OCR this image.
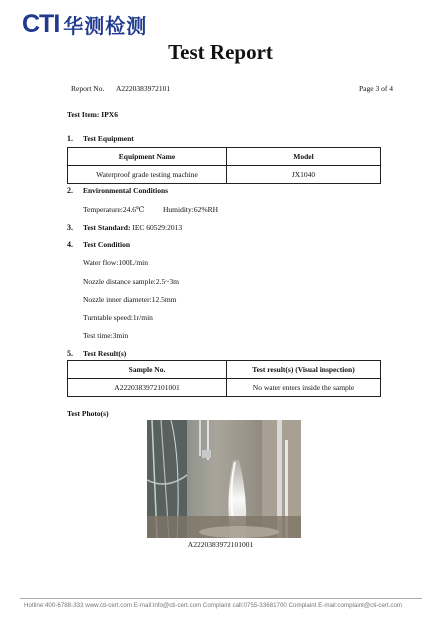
CTI 华测检测
Test Report
Report No. A2220383972101	Page 3 of 4
Test Item: IPX6
1. Test Equipment
Equipment Name	Model
Waterproof grade testing machine	JX1040
2. Environmental Conditions
Temperature:24.6℃ Humidity:62%RH
3. Test Standard: IEC 60529:2013
4. Test Condition
Water flow:100L/min
Nozzle distance sample:2.5~3m
Nozzle inner diameter:12.5mm
Turntable speed:1r/min
Test time:3min
5. Test Result(s)
Sample No.	Test result(s) (Visual inspection)
A2220383972101001	No water enters inside the sample
Test Photo(s)
A2220383972101001
Hotline:400-6788-333 www.cti-cert.com E-mail:info@cti-cert.com Complaint call:0755-33681700 Complaint E-mail:complaint@cti-cert.com
